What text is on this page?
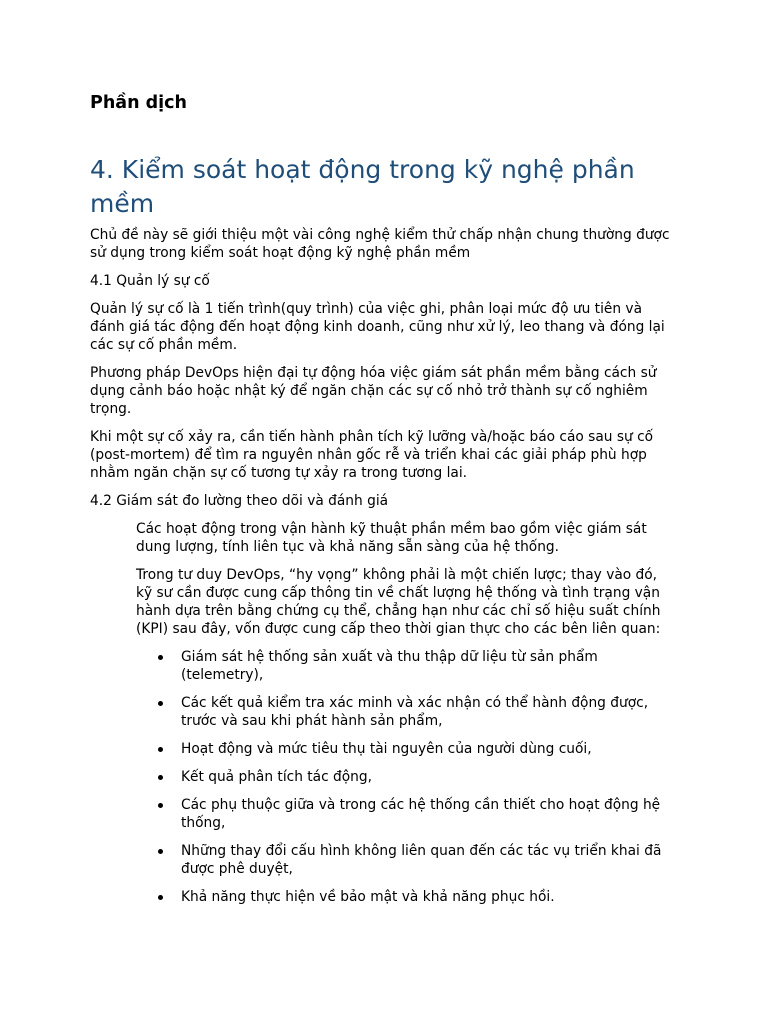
Phần dịch
4. Kiểm soát hoạt động trong kỹ nghệ phần mềm

Chủ đề này sẽ giới thiệu một vài công nghệ kiểm thử chấp nhận chung thường được
sử dụng trong kiểm soát hoạt động kỹ nghệ phần mềm

4.1 Quản lý sự cố

Quản lý sự cố là 1 tiến trình(quy trình) của việc ghi, phân loại mức độ ưu tiên và
đánh giá tác động đến hoạt động kinh doanh, cũng như xử lý, leo thang và đóng lại
các sự cố phần mềm.

Phương pháp DevOps hiện đại tự động hóa việc giám sát phần mềm bằng cách sử
dụng cảnh báo hoặc nhật ký để ngăn chặn các sự cố nhỏ trở thành sự cố nghiêm
trọng.

Khi một sự cố xảy ra, cần tiến hành phân tích kỹ lưỡng và/hoặc báo cáo sau sự cố
(post-mortem) để tìm ra nguyên nhân gốc rễ và triển khai các giải pháp phù hợp
nhằm ngăn chặn sự cố tương tự xảy ra trong tương lai.

4.2 Giám sát đo lường theo dõi và đánh giá

Các hoạt động trong vận hành kỹ thuật phần mềm bao gồm việc giám sát
dung lượng, tính liên tục và khả năng sẵn sàng của hệ thống.

Trong tư duy DevOps, “hy vọng” không phải là một chiến lược; thay vào đó,
kỹ sư cần được cung cấp thông tin về chất lượng hệ thống và tình trạng vận
hành dựa trên bằng chứng cụ thể, chẳng hạn như các chỉ số hiệu suất chính
(KPI) sau đây, vốn được cung cấp theo thời gian thực cho các bên liên quan:

Giám sát hệ thống sản xuất và thu thập dữ liệu từ sản phẩm
(telemetry),
Các kết quả kiểm tra xác minh và xác nhận có thể hành động được,
trước và sau khi phát hành sản phẩm,
Hoạt động và mức tiêu thụ tài nguyên của người dùng cuối,
Kết quả phân tích tác động,
Các phụ thuộc giữa và trong các hệ thống cần thiết cho hoạt động hệ
thống,
Những thay đổi cấu hình không liên quan đến các tác vụ triển khai đã
được phê duyệt,
Khả năng thực hiện về bảo mật và khả năng phục hồi.
